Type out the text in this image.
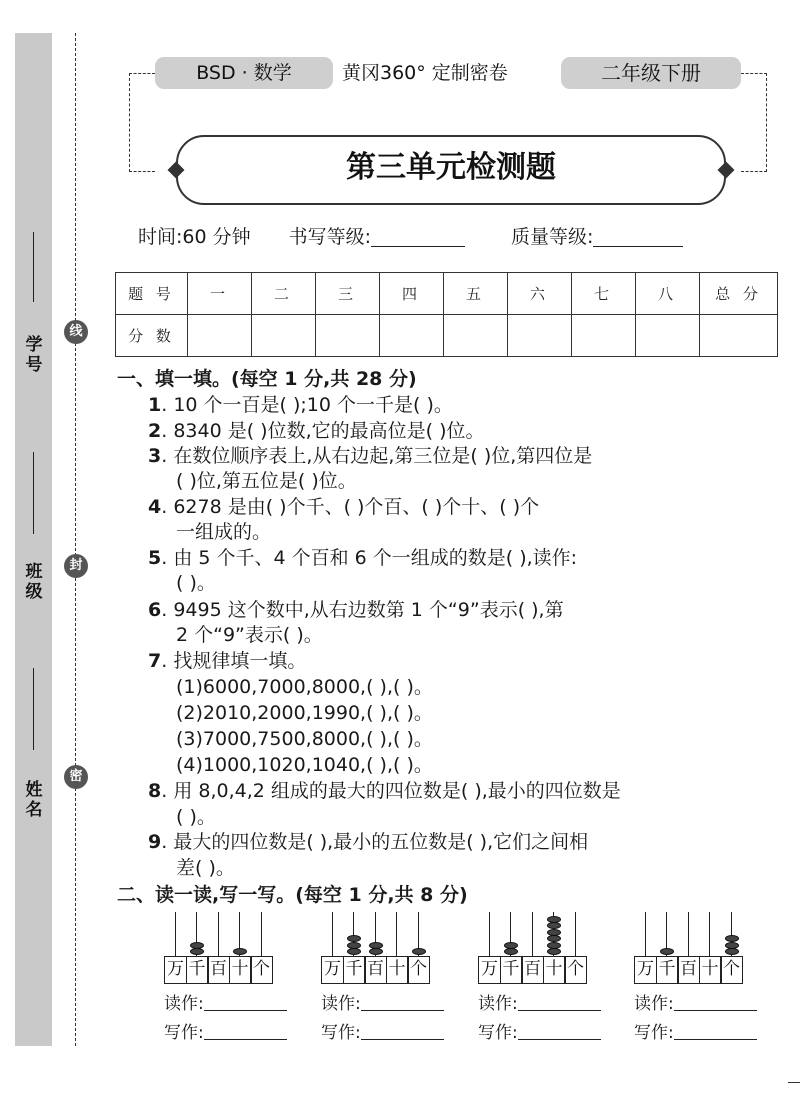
学号
班级
姓名
线
封
密
BSD · 数学	黄冈360° 定制密卷	二年级下册
第三单元检测题
时间:60 分钟 书写等级:	质量等级:
题 号	一	二	三	四	五	六	七	八	总 分
分 数									
一、填一填。(每空 1 分,共 28 分)
1. 10 个一百是( );10 个一千是( )。
2. 8340 是( )位数,它的最高位是( )位。
3. 在数位顺序表上,从右边起,第三位是( )位,第四位是
( )位,第五位是( )位。
4. 6278 是由( )个千、( )个百、( )个十、( )个
一组成的。
5. 由 5 个千、4 个百和 6 个一组成的数是( ),读作:
( )。
6. 9495 这个数中,从右边数第 1 个“9”表示( ),第
2 个“9”表示( )。
7. 找规律填一填。
(1)6000,7000,8000,( ),( )。
(2)2010,2000,1990,( ),( )。
(3)7000,7500,8000,( ),( )。
(4)1000,1020,1040,( ),( )。
8. 用 8,0,4,2 组成的最大的四位数是( ),最小的四位数是
( )。
9. 最大的四位数是( ),最小的五位数是( ),它们之间相
差( )。
二、读一读,写一写。(每空 1 分,共 8 分)
万 千 百 十 个	万 千 百 十 个	万 千 百 十 个	万 千 百 十 个
读作:
写作:
读作:
写作:
读作:
写作:
读作:
写作:
